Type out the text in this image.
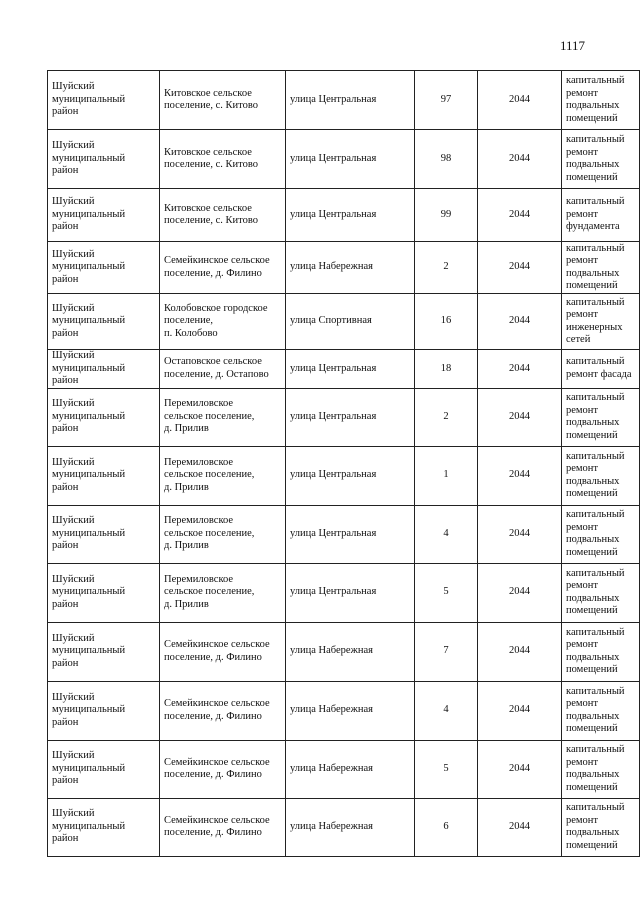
1117
Шуйский
муниципальный
район	Китовское сельское
поселение, с. Китово	улица Центральная	97	2044	капитальный
ремонт
подвальных
помещений

Шуйский
муниципальный
район	Китовское сельское
поселение, с. Китово	улица Центральная	98	2044	капитальный
ремонт
подвальных
помещений

Шуйский
муниципальный
район	Китовское сельское
поселение, с. Китово	улица Центральная	99	2044	капитальный
ремонт
фундамента

Шуйский
муниципальный
район	Семейкинское сельское
поселение, д. Филино	улица Набережная	2	2044	капитальный
ремонт
подвальных
помещений

Шуйский
муниципальный
район	Колобовское городское
поселение,
п. Колобово	улица Спортивная	16	2044	капитальный
ремонт
инженерных
сетей

Шуйский
муниципальный
район	Остаповское сельское
поселение, д. Остапово	улица Центральная	18	2044	капитальный
ремонт фасада

Шуйский
муниципальный
район	Перемиловское
сельское поселение,
д. Прилив	улица Центральная	2	2044	капитальный
ремонт
подвальных
помещений

Шуйский
муниципальный
район	Перемиловское
сельское поселение,
д. Прилив	улица Центральная	1	2044	капитальный
ремонт
подвальных
помещений

Шуйский
муниципальный
район	Перемиловское
сельское поселение,
д. Прилив	улица Центральная	4	2044	капитальный
ремонт
подвальных
помещений

Шуйский
муниципальный
район	Перемиловское
сельское поселение,
д. Прилив	улица Центральная	5	2044	капитальный
ремонт
подвальных
помещений

Шуйский
муниципальный
район	Семейкинское сельское
поселение, д. Филино	улица Набережная	7	2044	капитальный
ремонт
подвальных
помещений

Шуйский
муниципальный
район	Семейкинское сельское
поселение, д. Филино	улица Набережная	4	2044	капитальный
ремонт
подвальных
помещений

Шуйский
муниципальный
район	Семейкинское сельское
поселение, д. Филино	улица Набережная	5	2044	капитальный
ремонт
подвальных
помещений

Шуйский
муниципальный
район	Семейкинское сельское
поселение, д. Филино	улица Набережная	6	2044	капитальный
ремонт
подвальных
помещений
